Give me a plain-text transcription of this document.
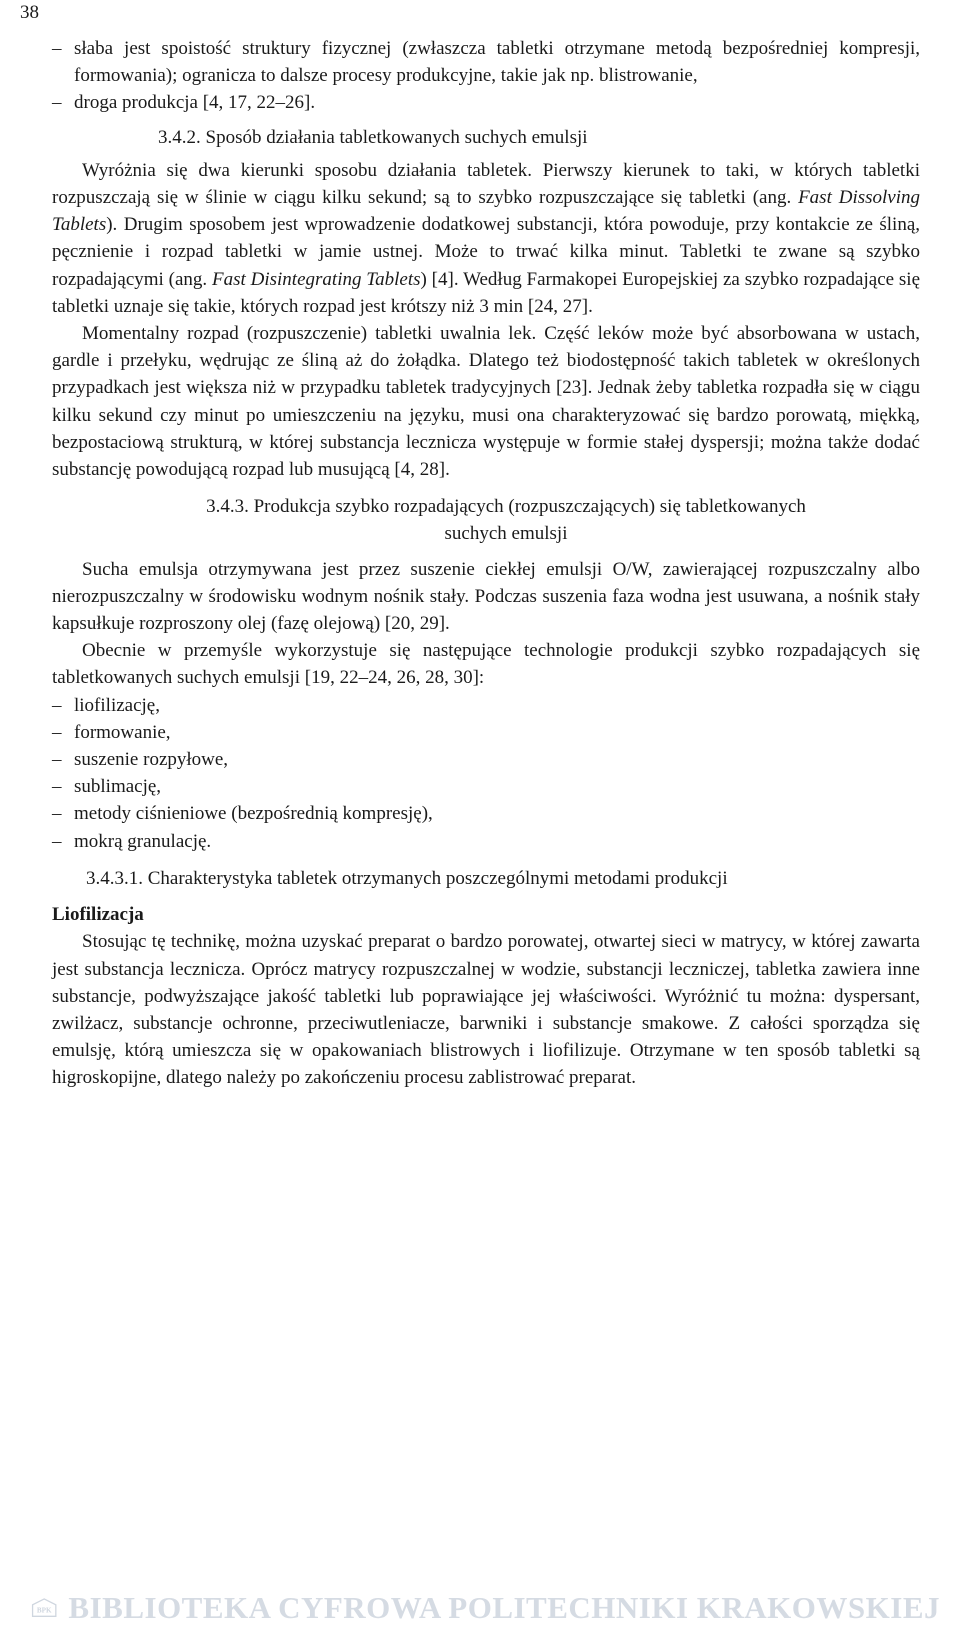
38
– słaba jest spoistość struktury fizycznej (zwłaszcza tabletki otrzymane metodą bezpośredniej kompresji, formowania); ogranicza to dalsze procesy produkcyjne, takie jak np. blistrowanie,
– droga produkcja [4, 17, 22–26].
3.4.2. Sposób działania tabletkowanych suchych emulsji

Wyróżnia się dwa kierunki sposobu działania tabletek. Pierwszy kierunek to taki, w których tabletki rozpuszczają się w ślinie w ciągu kilku sekund; są to szybko rozpuszczające się tabletki (ang. Fast Dissolving Tablets). Drugim sposobem jest wprowadzenie dodatkowej substancji, która powoduje, przy kontakcie ze śliną, pęcznienie i rozpad tabletki w jamie ustnej. Może to trwać kilka minut. Tabletki te zwane są szybko rozpadającymi (ang. Fast Disintegrating Tablets) [4]. Według Farmakopei Europejskiej za szybko rozpadające się tabletki uznaje się takie, których rozpad jest krótszy niż 3 min [24, 27].

Momentalny rozpad (rozpuszczenie) tabletki uwalnia lek. Część leków może być absorbowana w ustach, gardle i przełyku, wędrując ze śliną aż do żołądka. Dlatego też biodostępność takich tabletek w określonych przypadkach jest większa niż w przypadku tabletek tradycyjnych [23]. Jednak żeby tabletka rozpadła się w ciągu kilku sekund czy minut po umieszczeniu na języku, musi ona charakteryzować się bardzo porowatą, miękką, bezpostaciową strukturą, w której substancja lecznicza występuje w formie stałej dyspersji; można także dodać substancję powodującą rozpad lub musującą [4, 28].

3.4.3. Produkcja szybko rozpadających (rozpuszczających) się tabletkowanych
suchych emulsji

Sucha emulsja otrzymywana jest przez suszenie ciekłej emulsji O/W, zawierającej rozpuszczalny albo nierozpuszczalny w środowisku wodnym nośnik stały. Podczas suszenia faza wodna jest usuwana, a nośnik stały kapsułkuje rozproszony olej (fazę olejową) [20, 29].

Obecnie w przemyśle wykorzystuje się następujące technologie produkcji szybko rozpadających się tabletkowanych suchych emulsji [19, 22–24, 26, 28, 30]:

– liofilizację,
– formowanie,
– suszenie rozpyłowe,
– sublimację,
– metody ciśnieniowe (bezpośrednią kompresję),
– mokrą granulację.
3.4.3.1. Charakterystyka tabletek otrzymanych poszczególnymi metodami produkcji

Liofilizacja

Stosując tę technikę, można uzyskać preparat o bardzo porowatej, otwartej sieci w matrycy, w której zawarta jest substancja lecznicza. Oprócz matrycy rozpuszczalnej w wodzie, substancji leczniczej, tabletka zawiera inne substancje, podwyższające jakość tabletki lub poprawiające jej właściwości. Wyróżnić tu można: dyspersant, zwilżacz, substancje ochronne, przeciwutleniacze, barwniki i substancje smakowe. Z całości sporządza się emulsję, którą umieszcza się w opakowaniach blistrowych i liofilizuje. Otrzymane w ten sposób tabletki są higroskopijne, dlatego należy po zakończeniu procesu zablistrować preparat.

BPK BIBLIOTEKA CYFROWA POLITECHNIKI KRAKOWSKIEJ
